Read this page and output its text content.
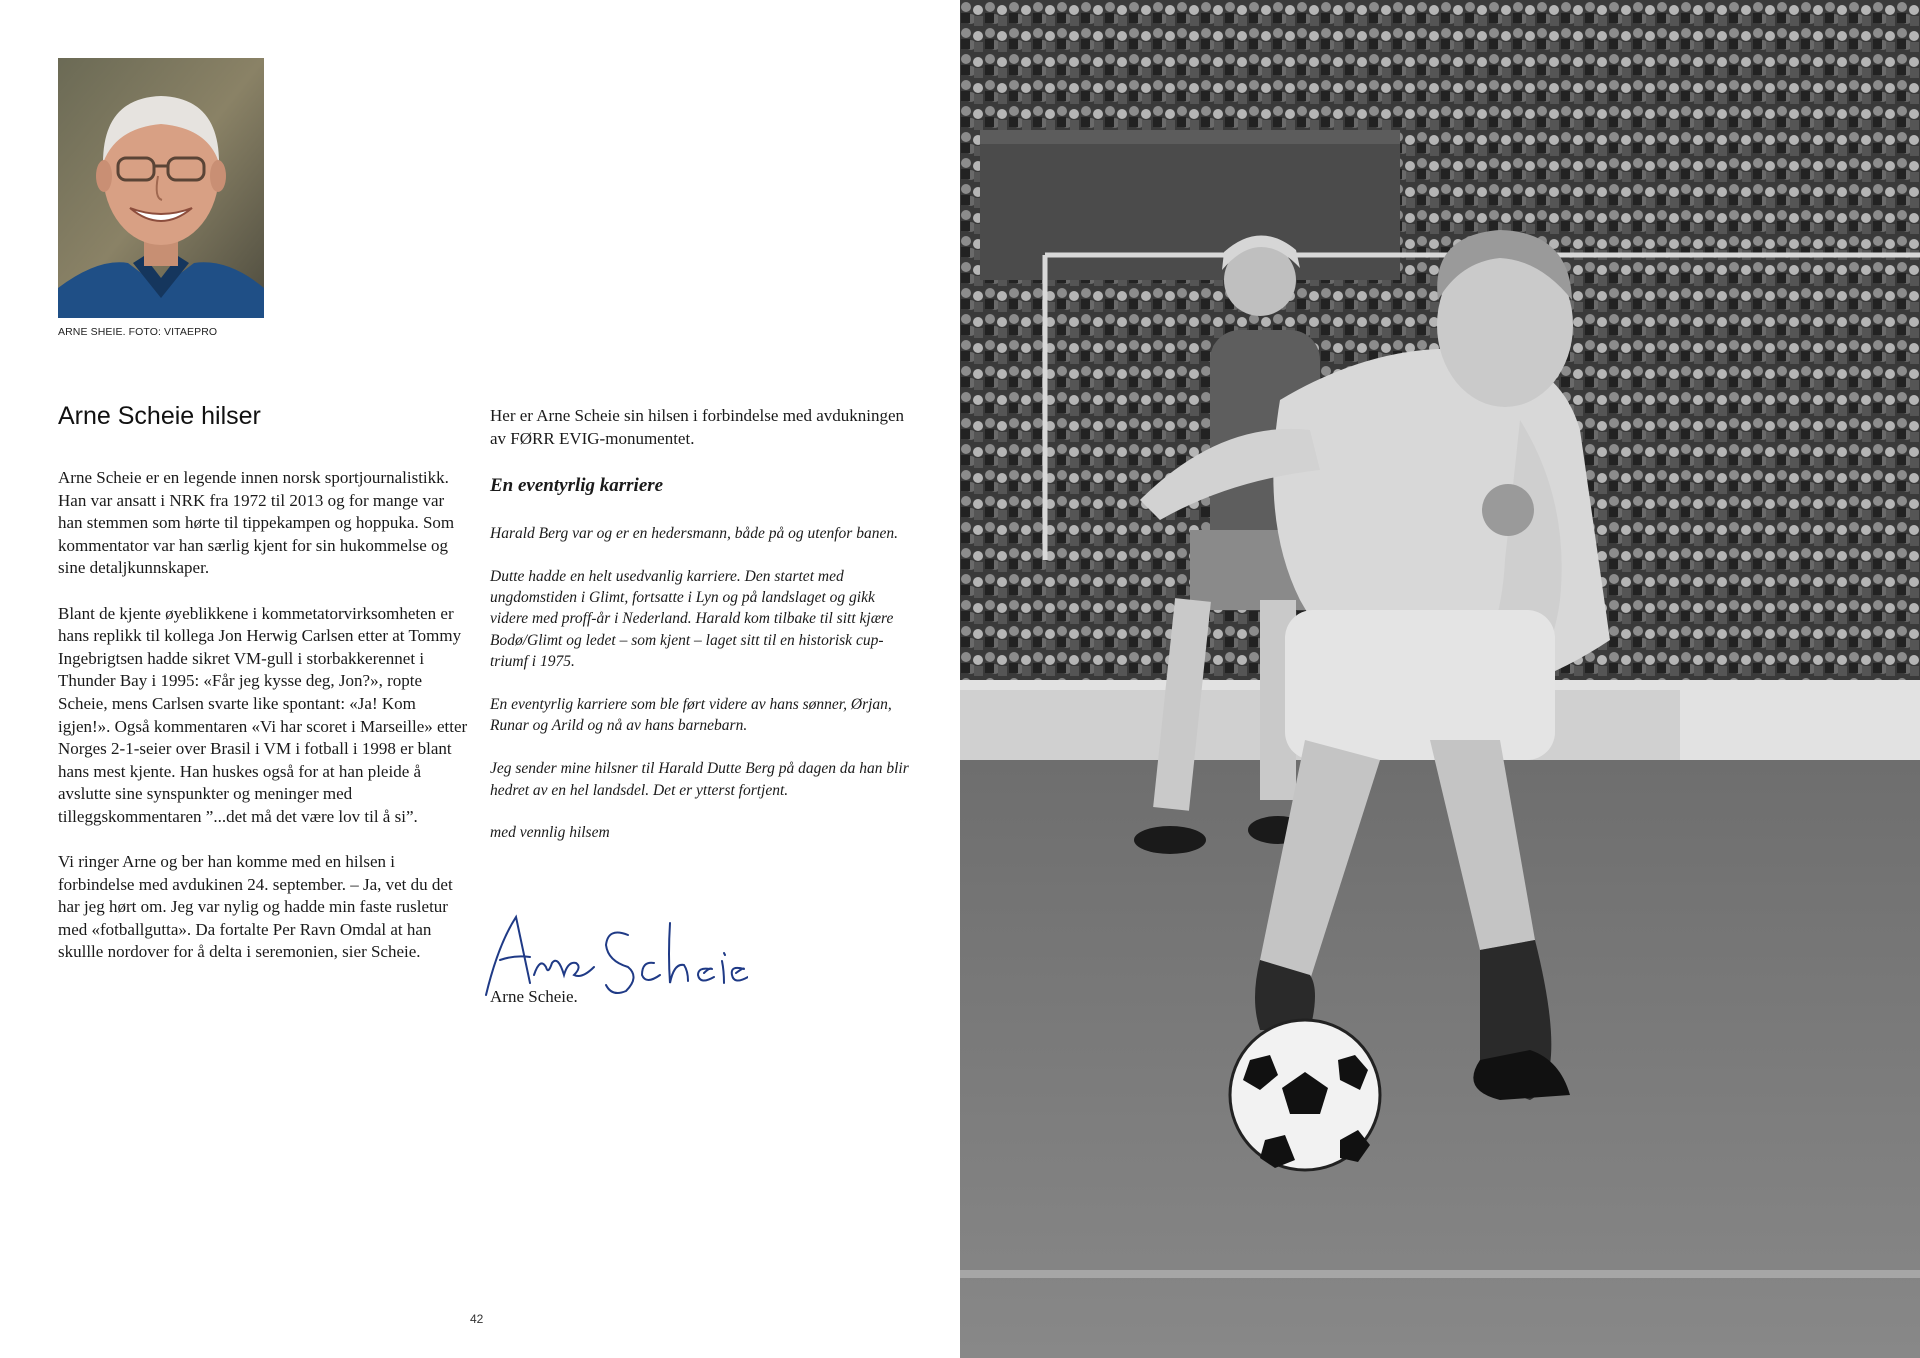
ARNE SHEIE. FOTO: VITAEPRO
Arne Scheie hilser

Arne Scheie er en legende innen norsk sportjournalistikk. Han var ansatt i NRK fra 1972 til 2013 og for mange var han stemmen som hørte til tippekampen og hoppuka. Som kommentator var han særlig kjent for sin hukommelse og sine detaljkunnskaper.

Blant de kjente øyeblikkene i kommetatorvirksomheten er hans replikk til kollega Jon Herwig Carlsen etter at Tommy Ingebrigtsen hadde sikret VM-gull i storbakkerennet i Thunder Bay i 1995: «Får jeg kysse deg, Jon?», ropte Scheie, mens Carlsen svarte like spontant: «Ja! Kom igjen!». Også kommentaren «Vi har scoret i Marseille» etter Norges 2-1-seier over Brasil i VM i fotball i 1998 er blant hans mest kjente. Han huskes også for at han pleide å avslutte sine synspunkter og meninger med tilleggskommentaren ”...det må det være lov til å si”.

Vi ringer Arne og ber han komme med en hilsen i forbindelse med avdukinen 24. september. – Ja, vet du det har jeg hørt om. Jeg var nylig og hadde min faste rusletur med «fotballgutta». Da fortalte Per Ravn Omdal at han skullle nordover for å delta i seremonien, sier Scheie.

Her er Arne Scheie sin hilsen i forbindelse med avdukningen av FØRR EVIG-monumentet.

En eventyrlig karriere

Harald Berg var og er en hedersmann, både på og utenfor banen.

Dutte hadde en helt usedvanlig karriere. Den startet med ungdomstiden i Glimt, fortsatte i Lyn og på landslaget og gikk videre med proff-år i Nederland. Harald kom tilbake til sitt kjære Bodø/Glimt og ledet – som kjent – laget sitt til en historisk cup-triumf i 1975.

En eventyrlig karriere som ble ført videre av hans sønner, Ørjan, Runar og Arild og nå av hans barnebarn.

Jeg sender mine hilsner til Harald Dutte Berg på dagen da han blir hedret av en hel landsdel. Det er ytterst fortjent.

med vennlig hilsem

Arne Scheie.
42
